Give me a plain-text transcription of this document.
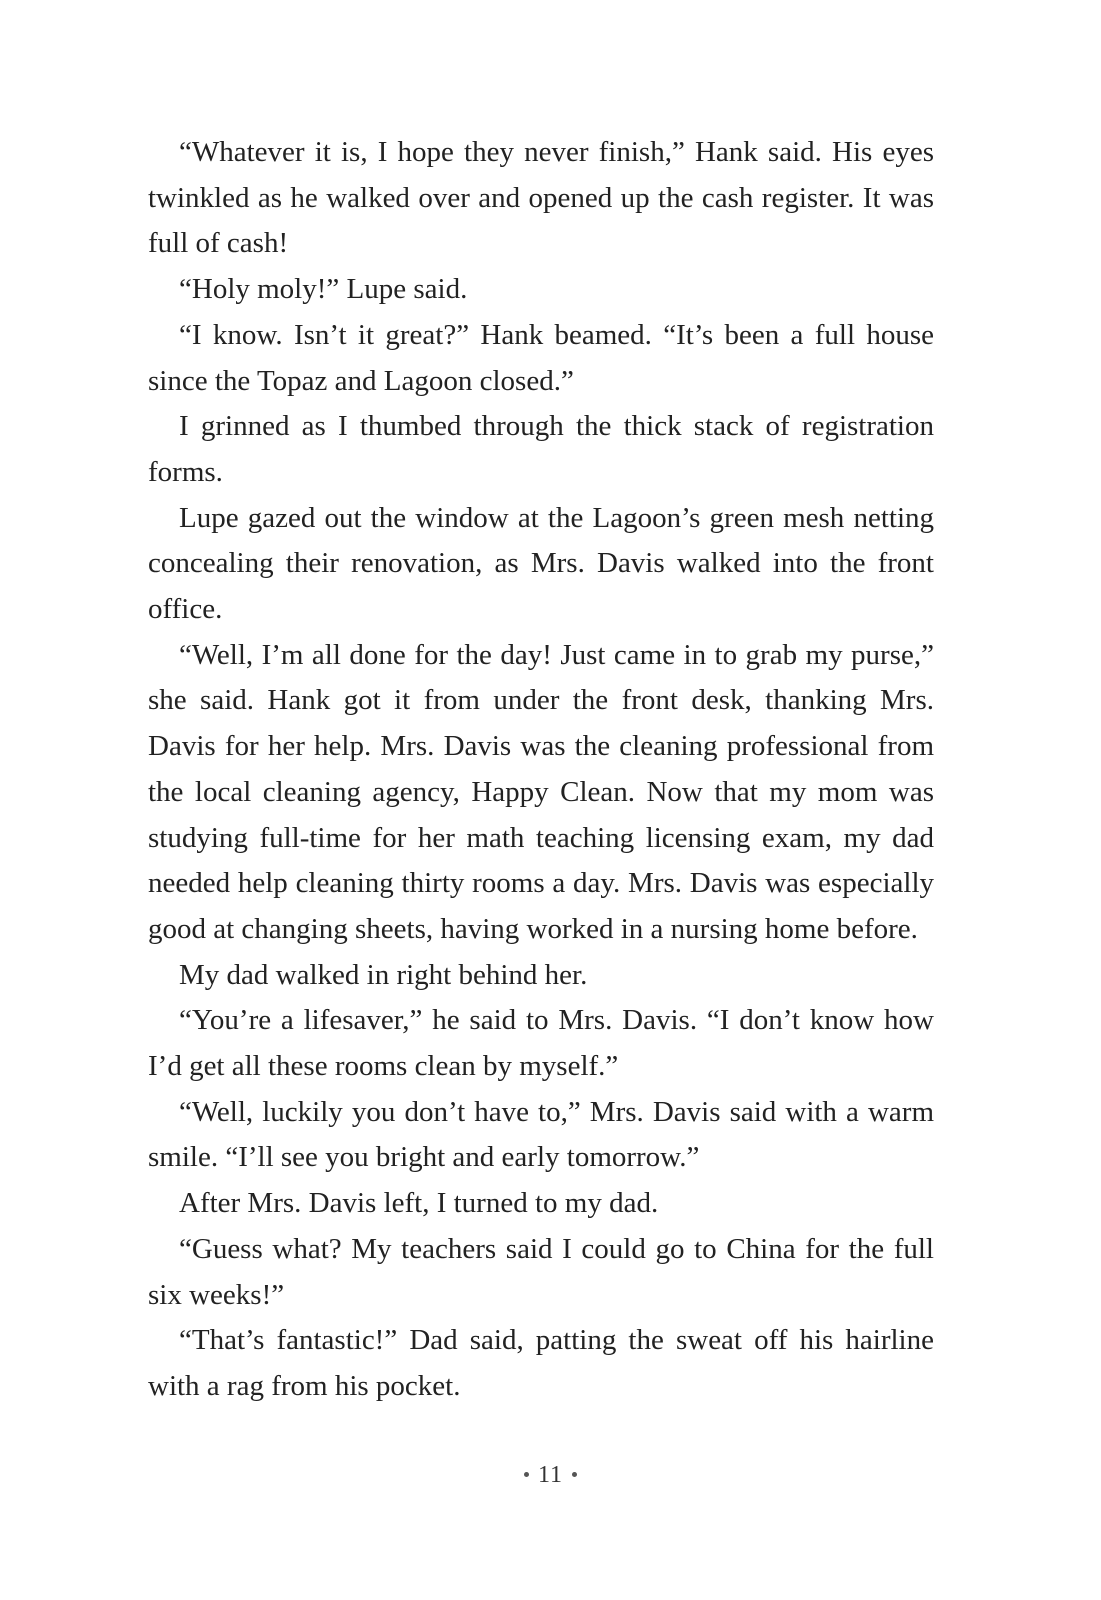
“Whatever it is, I hope they never finish,” Hank said. His eyes twinkled as he walked over and opened up the cash register. It was full of cash!

“Holy moly!” Lupe said.

“I know. Isn’t it great?” Hank beamed. “It’s been a full house since the Topaz and Lagoon closed.”

I grinned as I thumbed through the thick stack of registration forms.

Lupe gazed out the window at the Lagoon’s green mesh netting concealing their renovation, as Mrs. Davis walked into the front office.

“Well, I’m all done for the day! Just came in to grab my purse,” she said. Hank got it from under the front desk, thanking Mrs. Davis for her help. Mrs. Davis was the cleaning professional from the local cleaning agency, Happy Clean. Now that my mom was studying full-time for her math teaching licensing exam, my dad needed help cleaning thirty rooms a day. Mrs. Davis was especially good at changing sheets, having worked in a nursing home before.

My dad walked in right behind her.

“You’re a lifesaver,” he said to Mrs. Davis. “I don’t know how I’d get all these rooms clean by myself.”

“Well, luckily you don’t have to,” Mrs. Davis said with a warm smile. “I’ll see you bright and early tomorrow.”

After Mrs. Davis left, I turned to my dad.

“Guess what? My teachers said I could go to China for the full six weeks!”

“That’s fantastic!” Dad said, patting the sweat off his hairline with a rag from his pocket.

11
